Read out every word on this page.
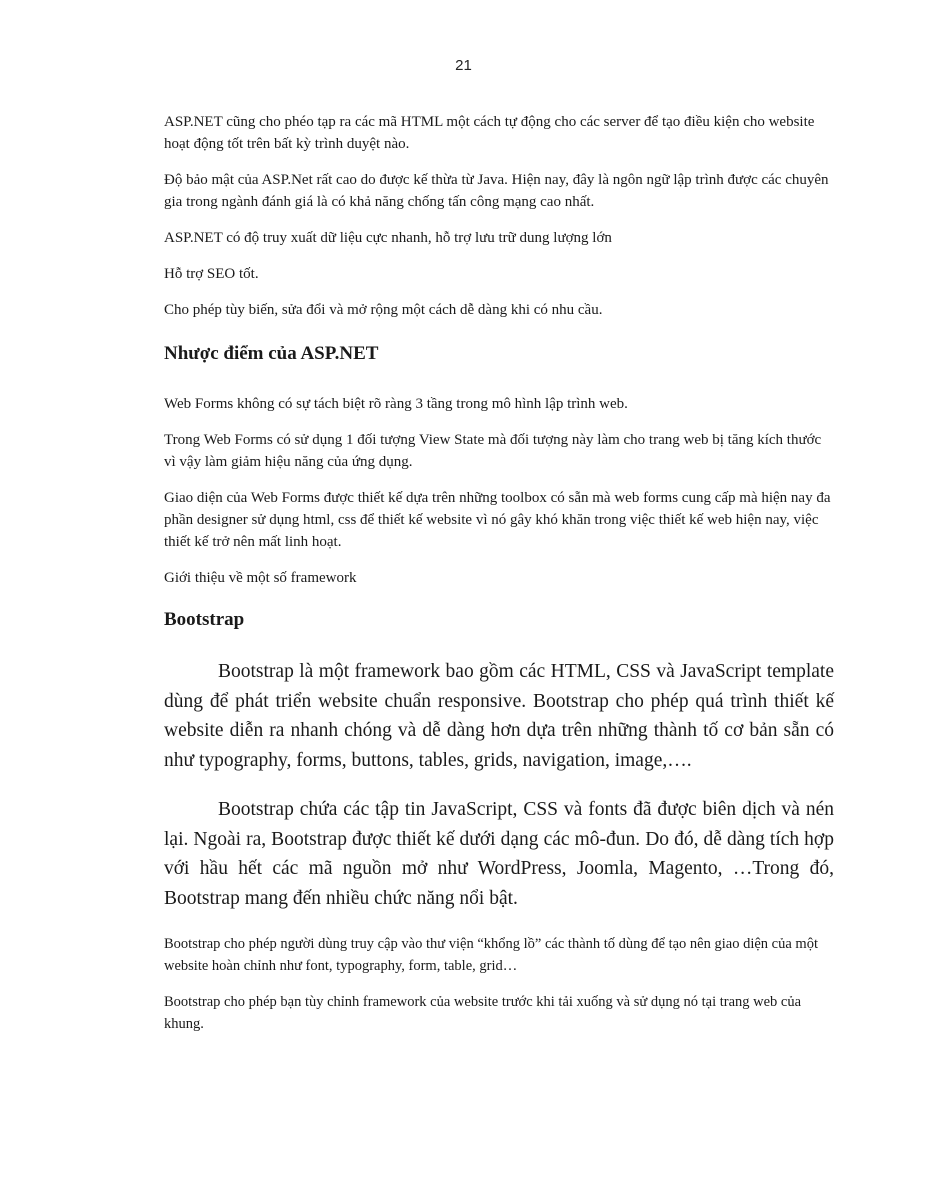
21

ASP.NET cũng cho phéo tạp ra các mã HTML một cách tự động cho các server để tạo điều kiện cho website hoạt động tốt trên bất kỳ trình duyệt nào.

Độ bảo mật của ASP.Net rất cao do được kế thừa từ Java. Hiện nay, đây là ngôn ngữ lập trình được các chuyên gia trong ngành đánh giá là có khả năng chống tấn công mạng cao nhất.

ASP.NET có độ truy xuất dữ liệu cực nhanh, hỗ trợ lưu trữ dung lượng lớn

Hỗ trợ SEO tốt.

Cho phép tùy biến, sửa đổi và mở rộng một cách dễ dàng khi có nhu cầu.

Nhược điểm của ASP.NET

Web Forms không có sự tách biệt rõ ràng 3 tầng trong mô hình lập trình web.

Trong Web Forms có sử dụng 1 đối tượng View State mà đối tượng này làm cho trang web bị tăng kích thước vì vậy làm giảm hiệu năng của ứng dụng.

Giao diện của Web Forms được thiết kế dựa trên những toolbox có sẵn mà web forms cung cấp mà hiện nay đa phần designer sử dụng html, css để thiết kế website vì nó gây khó khăn trong việc thiết kế web hiện nay, việc thiết kế trở nên mất linh hoạt.

Giới thiệu về một số framework

Bootstrap

Bootstrap là một framework bao gồm các HTML, CSS và JavaScript template dùng để phát triển website chuẩn responsive. Bootstrap cho phép quá trình thiết kế website diễn ra nhanh chóng và dễ dàng hơn dựa trên những thành tố cơ bản sẵn có như typography, forms, buttons, tables, grids, navigation, image,….

Bootstrap chứa các tập tin JavaScript, CSS và fonts đã được biên dịch và nén lại. Ngoài ra, Bootstrap được thiết kế dưới dạng các mô-đun. Do đó, dễ dàng tích hợp với hầu hết các mã nguồn mở như WordPress, Joomla, Magento, …Trong đó, Bootstrap mang đến nhiều chức năng nổi bật.

Bootstrap cho phép người dùng truy cập vào thư viện “khổng lồ” các thành tố dùng để tạo nên giao diện của một website hoàn chỉnh như font, typography, form, table, grid…

Bootstrap cho phép bạn tùy chỉnh framework của website trước khi tải xuống và sử dụng nó tại trang web của khung.
